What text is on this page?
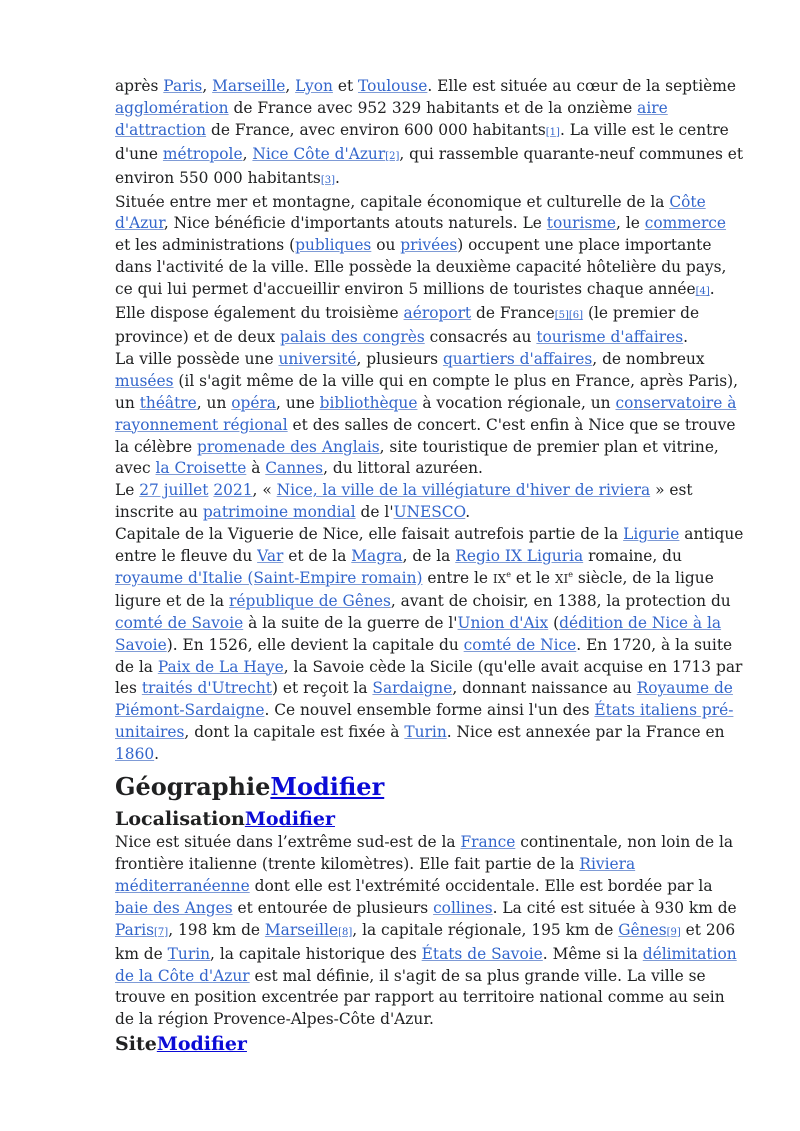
après Paris, Marseille, Lyon et Toulouse. Elle est située au cœur de la septième agglomération de France avec 952 329 habitants et de la onzième aire d'attraction de France, avec environ 600 000 habitants[1]. La ville est le centre d'une métropole, Nice Côte d'Azur[2], qui rassemble quarante-neuf communes et environ 550 000 habitants[3].

Située entre mer et montagne, capitale économique et culturelle de la Côte d'Azur, Nice bénéficie d'importants atouts naturels. Le tourisme, le commerce et les administrations (publiques ou privées) occupent une place importante dans l'activité de la ville. Elle possède la deuxième capacité hôtelière du pays, ce qui lui permet d'accueillir environ 5 millions de touristes chaque année[4]. Elle dispose également du troisième aéroport de France[5][6] (le premier de province) et de deux palais des congrès consacrés au tourisme d'affaires.

La ville possède une université, plusieurs quartiers d'affaires, de nombreux musées (il s'agit même de la ville qui en compte le plus en France, après Paris), un théâtre, un opéra, une bibliothèque à vocation régionale, un conservatoire à rayonnement régional et des salles de concert. C'est enfin à Nice que se trouve la célèbre promenade des Anglais, site touristique de premier plan et vitrine, avec la Croisette à Cannes, du littoral azuréen.

Le 27 juillet 2021, « Nice, la ville de la villégiature d'hiver de riviera » est inscrite au patrimoine mondial de l'UNESCO.

Capitale de la Viguerie de Nice, elle faisait autrefois partie de la Ligurie antique entre le fleuve du Var et de la Magra, de la Regio IX Liguria romaine, du royaume d'Italie (Saint-Empire romain) entre le IXe et le XIe siècle, de la ligue ligure et de la république de Gênes, avant de choisir, en 1388, la protection du comté de Savoie à la suite de la guerre de l'Union d'Aix (dédition de Nice à la Savoie). En 1526, elle devient la capitale du comté de Nice. En 1720, à la suite de la Paix de La Haye, la Savoie cède la Sicile (qu'elle avait acquise en 1713 par les traités d'Utrecht) et reçoit la Sardaigne, donnant naissance au Royaume de Piémont-Sardaigne. Ce nouvel ensemble forme ainsi l'un des États italiens pré-unitaires, dont la capitale est fixée à Turin. Nice est annexée par la France en 1860.

GéographieModifier
LocalisationModifier

Nice est située dans l’extrême sud-est de la France continentale, non loin de la frontière italienne (trente kilomètres). Elle fait partie de la Riviera méditerranéenne dont elle est l'extrémité occidentale. Elle est bordée par la baie des Anges et entourée de plusieurs collines. La cité est située à 930 km de Paris[7], 198 km de Marseille[8], la capitale régionale, 195 km de Gênes[9] et 206 km de Turin, la capitale historique des États de Savoie. Même si la délimitation de la Côte d'Azur est mal définie, il s'agit de sa plus grande ville. La ville se trouve en position excentrée par rapport au territoire national comme au sein de la région Provence-Alpes-Côte d'Azur.

SiteModifier
